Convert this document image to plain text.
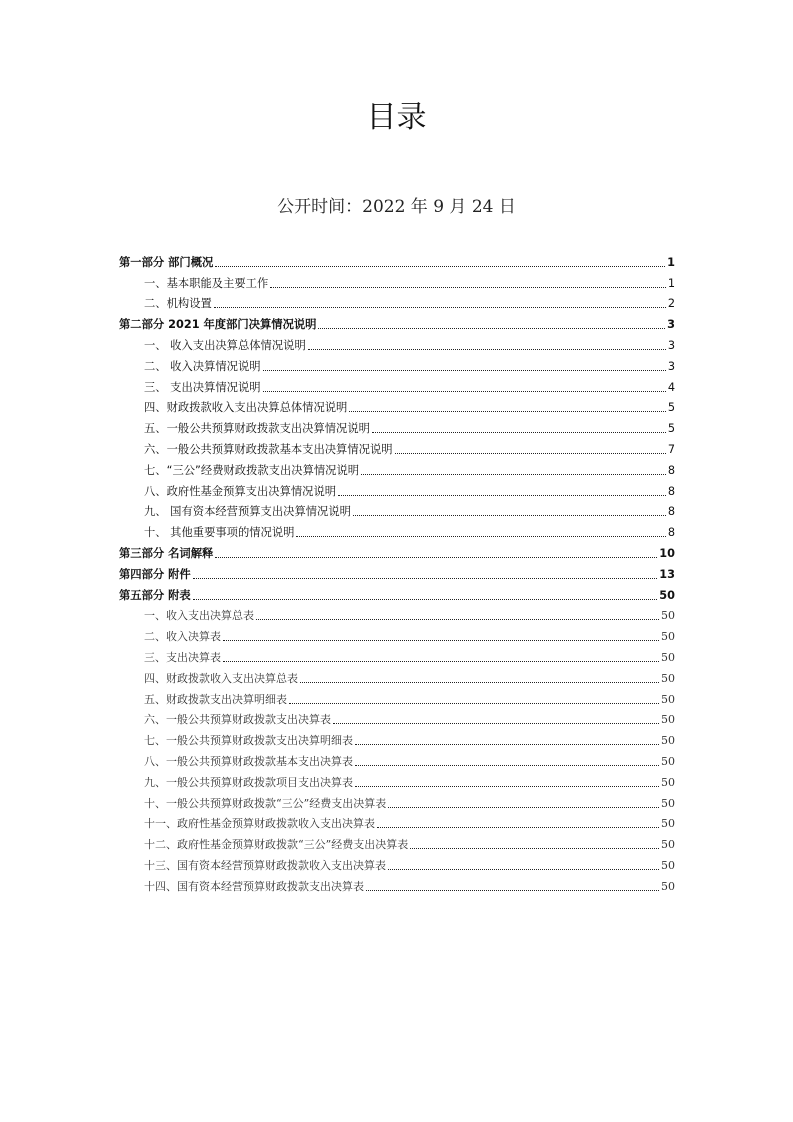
目录
公开时间：2022 年 9 月 24 日
第一部分 部门概况	1
一、基本职能及主要工作	1
二、机构设置	2
第二部分 2021 年度部门决算情况说明	3
一、 收入支出决算总体情况说明	3
二、 收入决算情况说明	3
三、 支出决算情况说明	4
四、财政拨款收入支出决算总体情况说明	5
五、一般公共预算财政拨款支出决算情况说明	5
六、一般公共预算财政拨款基本支出决算情况说明	7
七、“三公”经费财政拨款支出决算情况说明	8
八、政府性基金预算支出决算情况说明	8
九、 国有资本经营预算支出决算情况说明	8
十、 其他重要事项的情况说明	8
第三部分 名词解释	10
第四部分 附件	13
第五部分 附表	50
一、收入支出决算总表	50
二、收入决算表	50
三、支出决算表	50
四、财政拨款收入支出决算总表	50
五、财政拨款支出决算明细表	50
六、一般公共预算财政拨款支出决算表	50
七、一般公共预算财政拨款支出决算明细表	50
八、一般公共预算财政拨款基本支出决算表	50
九、一般公共预算财政拨款项目支出决算表	50
十、一般公共预算财政拨款“三公”经费支出决算表	50
十一、政府性基金预算财政拨款收入支出决算表	50
十二、政府性基金预算财政拨款“三公”经费支出决算表	50
十三、国有资本经营预算财政拨款收入支出决算表	50
十四、国有资本经营预算财政拨款支出决算表	50
